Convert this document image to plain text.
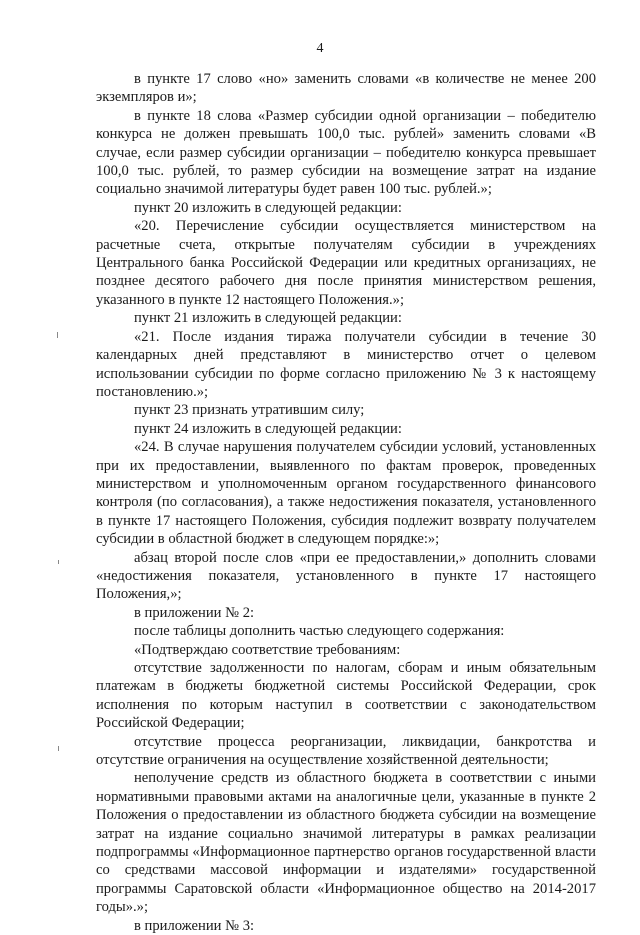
4

в пункте 17 слово «но» заменить словами «в количестве не менее 200 экземпляров и»;

в пункте 18 слова «Размер субсидии одной организации – победителю конкурса не должен превышать 100,0 тыс. рублей» заменить словами «В случае, если размер субсидии организации – победителю конкурса превышает 100,0 тыс. рублей, то размер субсидии на возмещение затрат на издание социально значимой литературы будет равен 100 тыс. рублей.»;

пункт 20 изложить в следующей редакции:

«20. Перечисление субсидии осуществляется министерством на расчетные счета, открытые получателям субсидии в учреждениях Центрального банка Российской Федерации или кредитных организациях, не позднее десятого рабочего дня после принятия министерством решения, указанного в пункте 12 настоящего Положения.»;

пункт 21 изложить в следующей редакции:

«21. После издания тиража получатели субсидии в течение 30 календарных дней представляют в министерство отчет о целевом использовании субсидии по форме согласно приложению № 3 к настоящему постановлению.»;

пункт 23 признать утратившим силу;

пункт 24 изложить в следующей редакции:

«24. В случае нарушения получателем субсидии условий, установленных при их предоставлении, выявленного по фактам проверок, проведенных министерством и уполномоченным органом государственного финансового контроля (по согласования), а также недостижения показателя, установленного в пункте 17 настоящего Положения, субсидия подлежит возврату получателем субсидии в областной бюджет в следующем порядке:»;

абзац второй после слов «при ее предоставлении,» дополнить словами «недостижения показателя, установленного в пункте 17 настоящего Положения,»;

в приложении № 2:

после таблицы дополнить частью следующего содержания:

«Подтверждаю соответствие требованиям:

отсутствие задолженности по налогам, сборам и иным обязательным платежам в бюджеты бюджетной системы Российской Федерации, срок исполнения по которым наступил в соответствии с законодательством Российской Федерации;

отсутствие процесса реорганизации, ликвидации, банкротства и отсутствие ограничения на осуществление хозяйственной деятельности;

неполучение средств из областного бюджета в соответствии с иными нормативными правовыми актами на аналогичные цели, указанные в пункте 2 Положения о предоставлении из областного бюджета субсидии на возмещение затрат на издание социально значимой литературы в рамках реализации подпрограммы «Информационное партнерство органов государственной власти со средствами массовой информации и издателями» государственной программы Саратовской области «Информационное общество на 2014-2017 годы».»;

в приложении № 3:
